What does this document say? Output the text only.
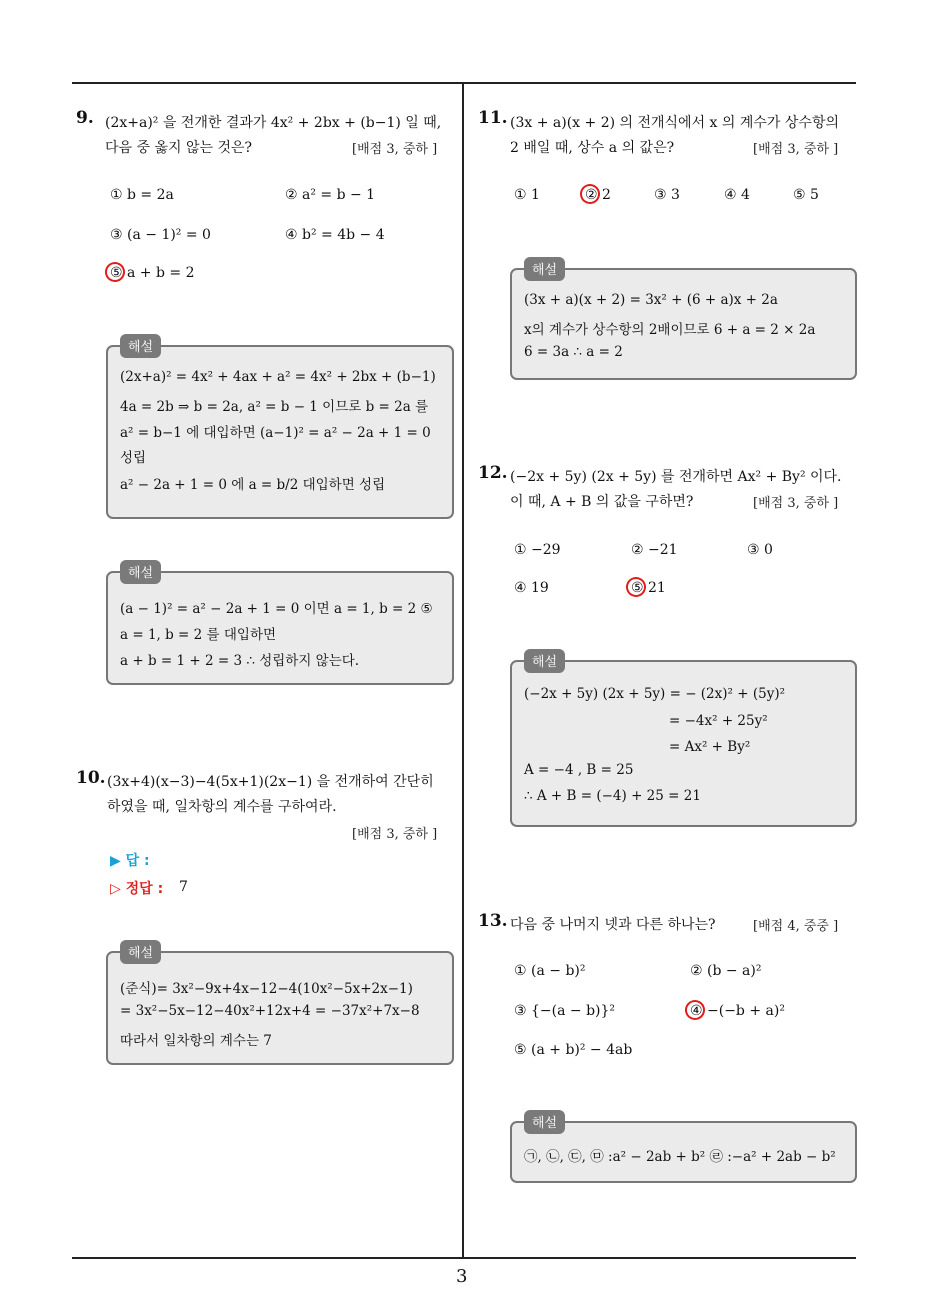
3
9. (2x+a)² 을 전개한 결과가 4x² + 2bx + (b−1) 일 때,
다음 중 옳지 않는 것은?	[배점 3, 중하 ]
① b = 2a	② a² = b − 1
③ (a − 1)² = 0	④ b² = 4b − 4
⑤ a + b = 2
해설
(2x+a)² = 4x² + 4ax + a² = 4x² + 2bx + (b−1)
4a = 2b ⇒ b = 2a, a² = b − 1 이므로 b = 2a 를
a² = b−1 에 대입하면 (a−1)² = a² − 2a + 1 = 0
성립
a² − 2a + 1 = 0 에 a = b/2 대입하면 성립
해설
(a − 1)² = a² − 2a + 1 = 0 이면 a = 1, b = 2 ⑤
a = 1, b = 2 를 대입하면
a + b = 1 + 2 = 3 ∴ 성립하지 않는다.
10. (3x+4)(x−3)−4(5x+1)(2x−1) 을 전개하여 간단히
하였을 때, 일차항의 계수를 구하여라.
[배점 3, 중하 ]
▶ 답 :
▷ 정답 : 7
해설
(준식)= 3x²−9x+4x−12−4(10x²−5x+2x−1)
= 3x²−5x−12−40x²+12x+4 = −37x²+7x−8
따라서 일차항의 계수는 7
11. (3x + a)(x + 2) 의 전개식에서 x 의 계수가 상수항의
2 배일 때, 상수 a 의 값은?	[배점 3, 중하 ]
① 1	② 2	③ 3	④ 4	⑤ 5
해설
(3x + a)(x + 2) = 3x² + (6 + a)x + 2a
x의 계수가 상수항의 2배이므로 6 + a = 2 × 2a
6 = 3a ∴ a = 2
12. (−2x + 5y) (2x + 5y) 를 전개하면 Ax² + By² 이다.
이 때, A + B 의 값을 구하면?	[배점 3, 중하 ]
① −29	② −21	③ 0
④ 19	⑤ 21
해설
(−2x + 5y) (2x + 5y) = − (2x)² + (5y)²
= −4x² + 25y²
= Ax² + By²
A = −4 , B = 25
∴ A + B = (−4) + 25 = 21
13. 다음 중 나머지 넷과 다른 하나는?	[배점 4, 중중 ]
① (a − b)²	② (b − a)²
③ {−(a − b)}²	④ −(−b + a)²
⑤ (a + b)² − 4ab
해설
㉠, ㉡, ㉢, ㉤ :a² − 2ab + b² ㉣ :−a² + 2ab − b²
